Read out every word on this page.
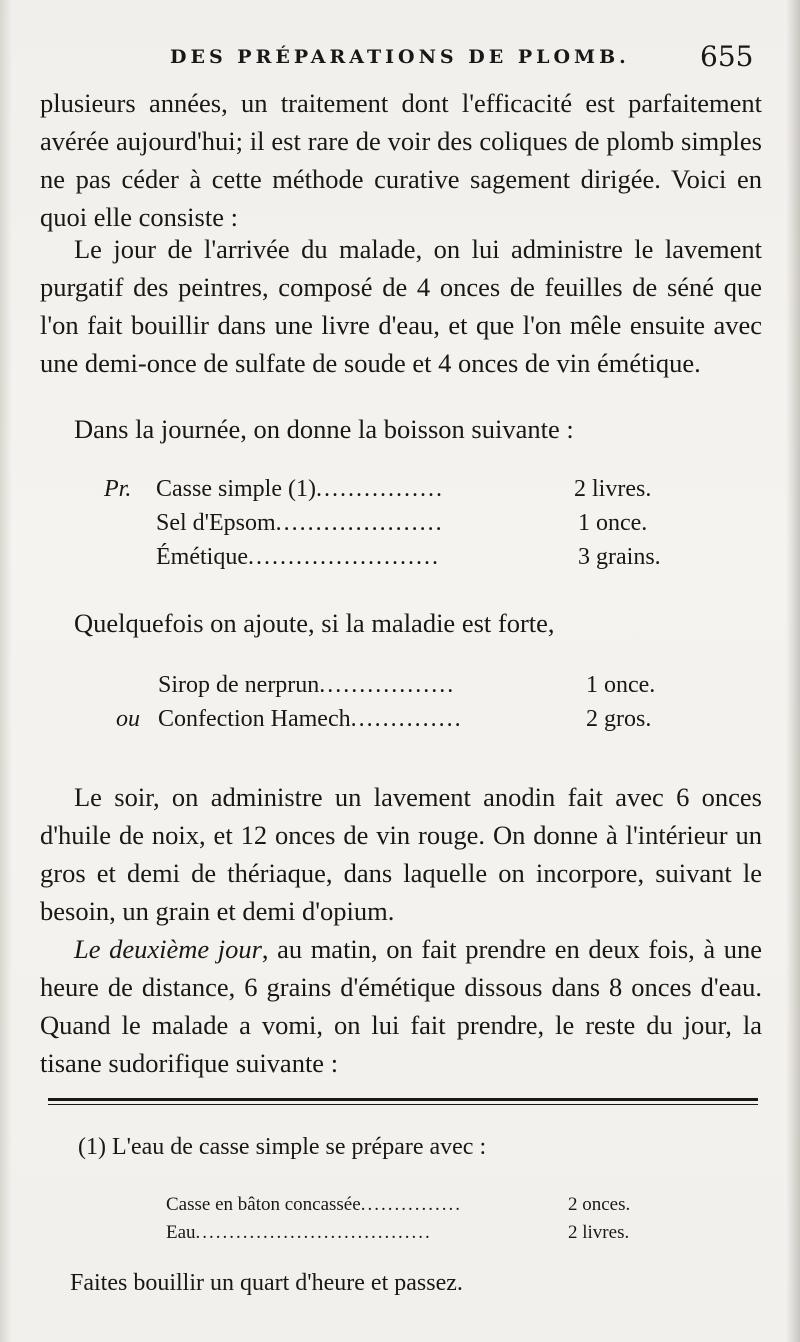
DES PRÉPARATIONS DE PLOMB.	655

plusieurs années, un traitement dont l'efficacité est parfaitement avérée aujourd'hui; il est rare de voir des coliques de plomb simples ne pas céder à cette méthode curative sagement dirigée. Voici en quoi elle consiste :

Le jour de l'arrivée du malade, on lui administre le lavement purgatif des peintres, composé de 4 onces de feuilles de séné que l'on fait bouillir dans une livre d'eau, et que l'on mêle ensuite avec une demi-once de sulfate de soude et 4 onces de vin émétique.

Dans la journée, on donne la boisson suivante :

Pr. Casse simple (1)................	2 livres.
Sel d'Epsom.....................	1 once.
Émétique........................	3 grains.

Quelquefois on ajoute, si la maladie est forte,

Sirop de nerprun.................	1 once.
ou Confection Hamech..............	2 gros.

Le soir, on administre un lavement anodin fait avec 6 onces d'huile de noix, et 12 onces de vin rouge. On donne à l'intérieur un gros et demi de thériaque, dans laquelle on incorpore, suivant le besoin, un grain et demi d'opium.

Le deuxième jour, au matin, on fait prendre en deux fois, à une heure de distance, 6 grains d'émétique dissous dans 8 onces d'eau. Quand le malade a vomi, on lui fait prendre, le reste du jour, la tisane sudorifique suivante :

(1) L'eau de casse simple se prépare avec :
Casse en bâton concassée...............	2 onces.
Eau...................................	2 livres.
Faites bouillir un quart d'heure et passez.
